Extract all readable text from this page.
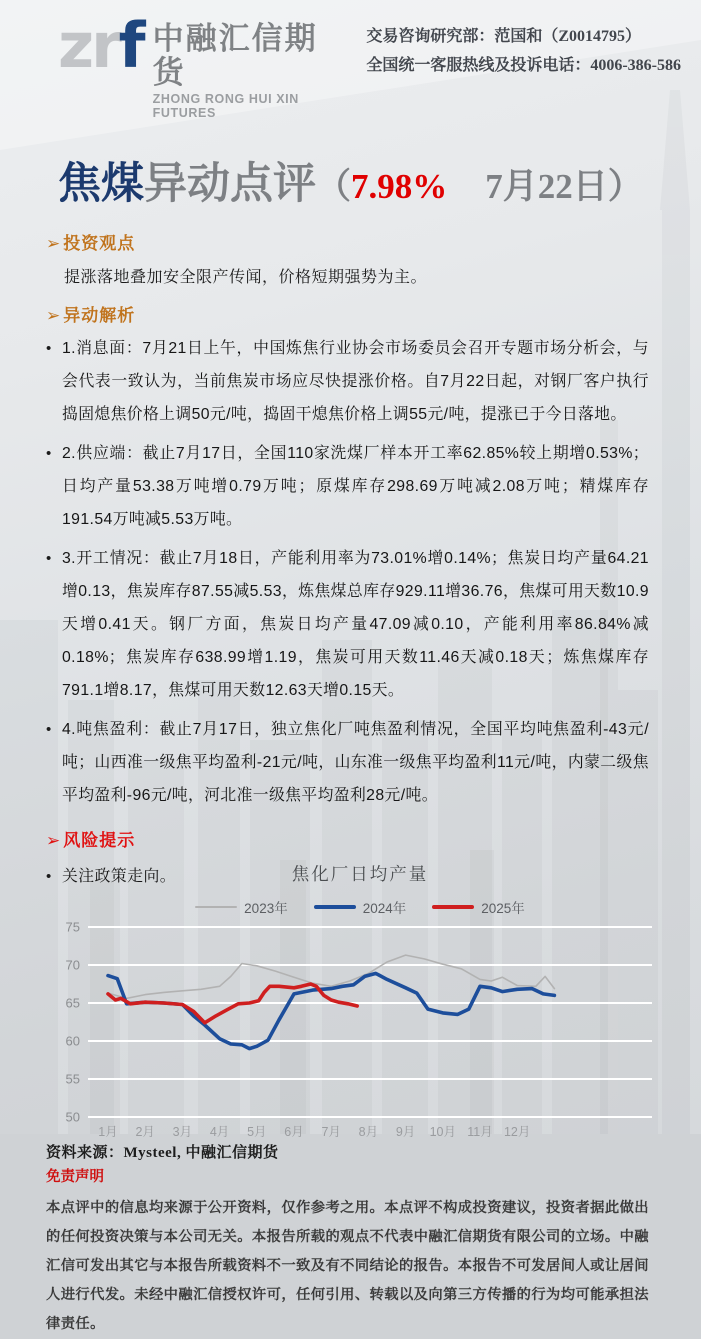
zrf 中融汇信期货
ZHONG RONG HUI XIN FUTURES
交易咨询研究部：范国和（Z0014795）
全国统一客服热线及投诉电话：4006-386-586
焦煤异动点评（7.98% 7月22日）
➢ 投资观点
提涨落地叠加安全限产传闻，价格短期强势为主。
➢ 异动解析
• 1.消息面：7月21日上午，中国炼焦行业协会市场委员会召开专题市场分析会，与会代表一致认为，当前焦炭市场应尽快提涨价格。自7月22日起，对钢厂客户执行捣固熄焦价格上调50元/吨，捣固干熄焦价格上调55元/吨，提涨已于今日落地。
• 2.供应端：截止7月17日，全国110家洗煤厂样本开工率62.85%较上期增0.53%；日均产量53.38万吨增0.79万吨；原煤库存298.69万吨减2.08万吨；精煤库存191.54万吨减5.53万吨。
• 3.开工情况：截止7月18日，产能利用率为73.01%增0.14%；焦炭日均产量64.21增0.13，焦炭库存87.55减5.53，炼焦煤总库存929.11增36.76，焦煤可用天数10.9天增0.41天。钢厂方面，焦炭日均产量47.09减0.10，产能利用率86.84%减0.18%；焦炭库存638.99增1.19，焦炭可用天数11.46天减0.18天；炼焦煤库存791.1增8.17，焦煤可用天数12.63天增0.15天。
• 4.吨焦盈利：截止7月17日，独立焦化厂吨焦盈利情况，全国平均吨焦盈利-43元/吨；山西准一级焦平均盈利-21元/吨，山东准一级焦平均盈利11元/吨，内蒙二级焦平均盈利-96元/吨，河北准一级焦平均盈利28元/吨。
➢ 风险提示
• 关注政策走向。	焦化厂日均产量
2023年	2024年	2025年
75
70
65
60
55
50
1月 2月 3月 4月 5月 6月 7月 8月 9月 10月 11月 12月
资料来源：Mysteel, 中融汇信期货
免责声明
本点评中的信息均来源于公开资料，仅作参考之用。本点评不构成投资建议，投资者据此做出的任何投资决策与本公司无关。本报告所载的观点不代表中融汇信期货有限公司的立场。中融汇信可发出其它与本报告所载资料不一致及有不同结论的报告。本报告不可发居间人或让居间人进行代发。未经中融汇信授权许可，任何引用、转载以及向第三方传播的行为均可能承担法律责任。
